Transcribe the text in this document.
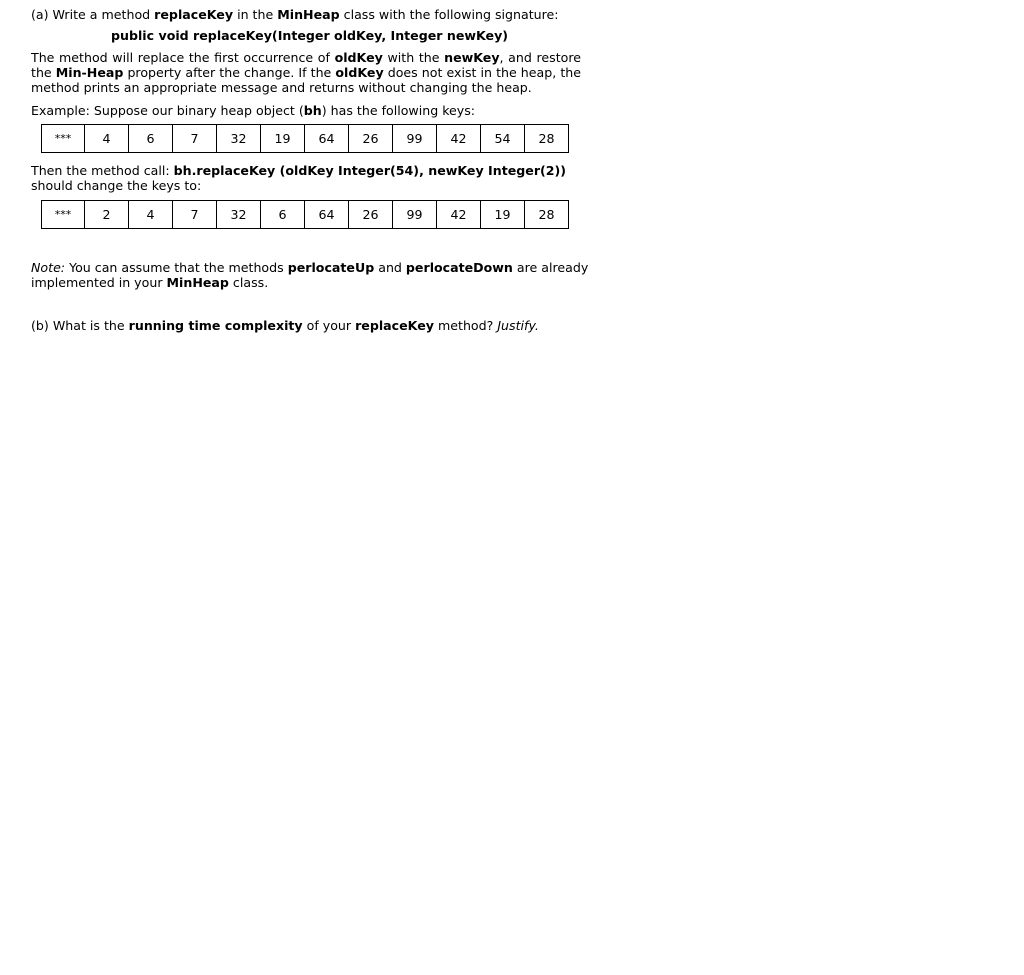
(a) Write a method replaceKey in the MinHeap class with the following signature:
public void replaceKey(Integer oldKey, Integer newKey)
The method will replace the first occurrence of oldKey with the newKey, and restore the Min-Heap property after the change. If the oldKey does not exist in the heap, the method prints an appropriate message and returns without changing the heap.
Example: Suppose our binary heap object (bh) has the following keys:
***	4	6	7	32	19	64	26	99	42	54	28
Then the method call: bh.replaceKey (oldKey Integer(54), newKey Integer(2)) should change the keys to:
***	2	4	7	32	6	64	26	99	42	19	28
Note: You can assume that the methods perlocateUp and perlocateDown are already implemented in your MinHeap class.
(b) What is the running time complexity of your replaceKey method? Justify.
